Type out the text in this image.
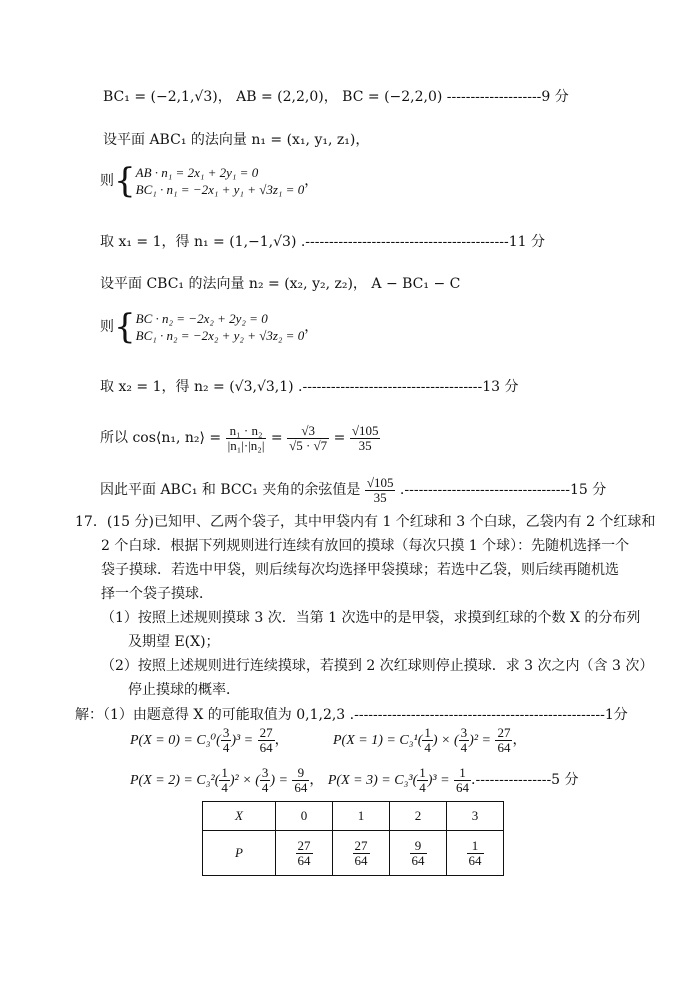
BC₁ = (−2,1,√3)， AB = (2,2,0)， BC = (−2,2,0) --------------------9 分
设平面 ABC₁ 的法向量 n₁ = (x₁, y₁, z₁)，
则{ AB · n₁ = 2x₁ + 2y₁ = 0
BC₁ · n₁ = −2x₁ + y₁ + √3z₁ = 0
，
取 x₁ = 1，得 n₁ = (1,−1,√3) .-------------------------------------------11 分
设平面 CBC₁ 的法向量 n₂ = (x₂, y₂, z₂)， A − BC₁ − C
则{ BC · n₂ = −2x₂ + 2y₂ = 0
BC₁ · n₂ = −2x₂ + y₂ + √3z₂ = 0
，
取 x₂ = 1，得 n₂ = (√3,√3,1) .--------------------------------------13 分
所以 cos⟨n₁, n₂⟩ = $\frac{\text{n₁ · n₂}}{\text{|n₁|·|n₂|}} = \frac{√3}{√5 \cdot √7} = \frac{√105}{35}$
因此平面 ABC₁ 和 BCC₁ 夹角的余弦值是 $\frac{√105}{35} .-----------------------------------15$ 分
17．(15 分)已知甲、乙两个袋子，其中甲袋内有 1 个红球和 3 个白球，乙袋内有 2 个红球和
2 个白球．根据下列规则进行连续有放回的摸球（每次只摸 1 个球）：先随机选择一个
袋子摸球．若选中甲袋，则后续每次均选择甲袋摸球；若选中乙袋，则后续再随机选
择一个袋子摸球．
（1）按照上述规则摸球 3 次．当第 1 次选中的是甲袋，求摸到红球的个数 X 的分布列
及期望 E(X)；
（2）按照上述规则进行连续摸球，若摸到 2 次红球则停止摸球．求 3 次之内（含 3 次）
停止摸球的概率．
解：（1）由题意得 X 的可能取值为 0,1,2,3 .-----------------------------------------------------1分
$P(X = 0) = C_3^0( \frac{3}{4} )^3 = \frac{27}{64}$ ，	$P(X = 1) = C_3^1( \frac{1}{4}$ ) × ( $\frac{3}{4} )^2 = \frac{27}{64}$ ，
$P(X = 2) = C_3^2( \frac{1}{4} )^2$ × ( $\frac{3}{4}$ ) = $\frac{9}{64}$ ， $P(X = 3) = C_3^3( \frac{1}{4} )^3 = \frac{1}{64} .----------------5$ 分
X	0	1	2	3
P	$\frac{27}{64}$	$\frac{27}{64}$	$\frac{9}{64}$	$\frac{1}{64}$
